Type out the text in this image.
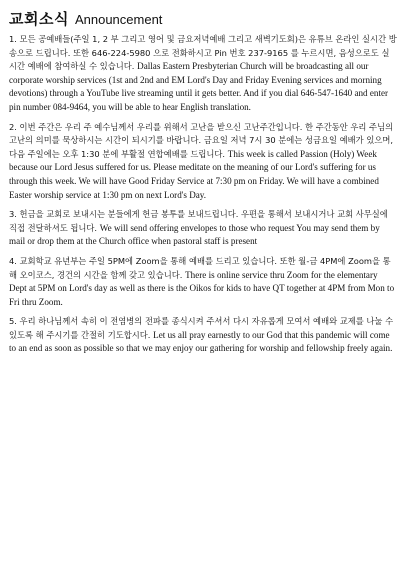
교회소식 Announcement

1. 모든 공예배들(주일 1, 2 부 그리고 영어 및 금요저녁예배 그리고 새벽기도회)은 유튜브 온라인 실시간 방송으로 드립니다. 또한 646-224-5980 으로 전화하시고 Pin 번호 237-9165 를 누르시면, 음성으로도 실시간 예배에 참여하실 수 있습니다. Dallas Eastern Presbyterian Church will be broadcasting all our corporate worship services (1st and 2nd and EM Lord's Day and Friday Evening services and morning devotions) through a YouTube live streaming until it gets better. And if you dial 646-547-1640 and enter pin number 084-9464, you will be able to hear English translation.

2. 이번 주간은 우리 주 예수님께서 우리를 위해서 고난을 받으신 고난주간입니다. 한 주간동안 우리 주님의 고난의 의미를 묵상하시는 시간이 되시기를 바랍니다. 금요일 저녁 7시 30 분에는 성금요일 예배가 있으며, 다음 주일에는 오후 1:30 분에 부활절 연합예배를 드립니다. This week is called Passion (Holy) Week because our Lord Jesus suffered for us. Please meditate on the meaning of our Lord's suffering for us through this week. We will have Good Friday Service at 7:30 pm on Friday. We will have a combined Easter worship service at 1:30 pm on next Lord's Day.

3. 헌금을 교회로 보내시는 분들에게 헌금 봉투를 보내드립니다. 우편을 통해서 보내시거나 교회 사무실에 직접 전달하셔도 됩니다. We will send offering envelopes to those who request You may send them by mail or drop them at the Church office when pastoral staff is present

4. 교회학교 유년부는 주일 5PM에 Zoom을 통해 예배를 드리고 있습니다. 또한 월-금 4PM에 Zoom을 통해 오이코스, 경건의 시간을 함께 갖고 있습니다. There is online service thru Zoom for the elementary Dept at 5PM on Lord's day as well as there is the Oikos for kids to have QT together at 4PM from Mon to Fri thru Zoom.

5. 우리 하나님께서 속히 이 전염병의 전파를 종식시켜 주셔서 다시 자유롭게 모여서 예배와 교제를 나눌 수 있도록 해 주시기를 간절히 기도합시다. Let us all pray earnestly to our God that this pandemic will come to an end as soon as possible so that we may enjoy our gathering for worship and fellowship freely again.
